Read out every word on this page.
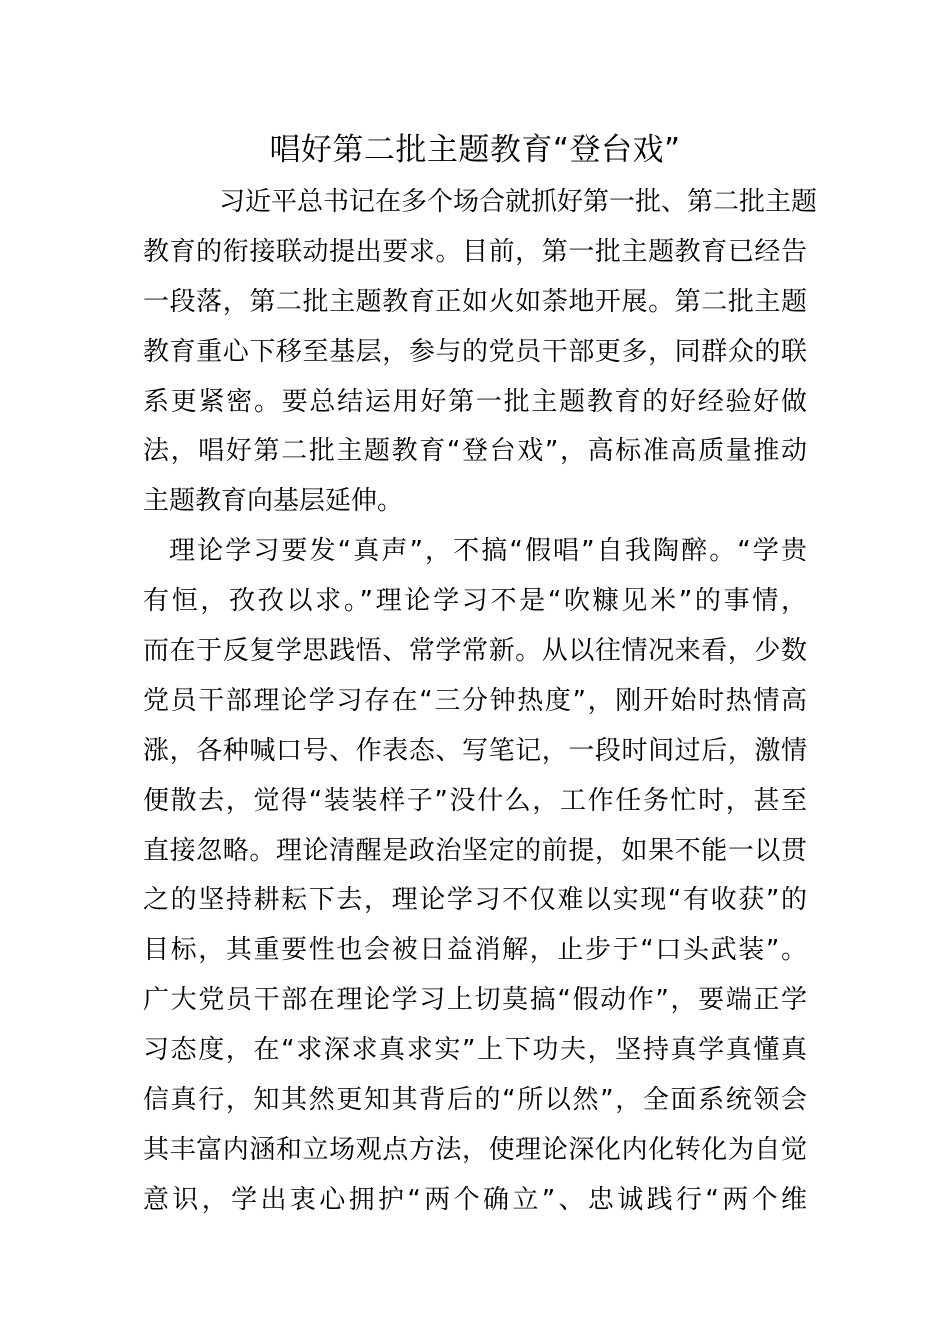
唱好第二批主题教育“登台戏”
习近平总书记在多个场合就抓好第一批、第二批主题
教育的衔接联动提出要求。目前，第一批主题教育已经告
一段落，第二批主题教育正如火如荼地开展。第二批主题
教育重心下移至基层，参与的党员干部更多，同群众的联
系更紧密。要总结运用好第一批主题教育的好经验好做
法，唱好第二批主题教育“登台戏”，高标准高质量推动
主题教育向基层延伸。
理论学习要发“真声”，不搞“假唱”自我陶醉。“学贵
有恒，孜孜以求。”理论学习不是“吹糠见米”的事情，
而在于反复学思践悟、常学常新。从以往情况来看，少数
党员干部理论学习存在“三分钟热度”，刚开始时热情高
涨，各种喊口号、作表态、写笔记，一段时间过后，激情
便散去，觉得“装装样子”没什么，工作任务忙时，甚至
直接忽略。理论清醒是政治坚定的前提，如果不能一以贯
之的坚持耕耘下去，理论学习不仅难以实现“有收获”的
目标，其重要性也会被日益消解，止步于“口头武装”。
广大党员干部在理论学习上切莫搞“假动作”，要端正学
习态度，在“求深求真求实”上下功夫，坚持真学真懂真
信真行，知其然更知其背后的“所以然”，全面系统领会
其丰富内涵和立场观点方法，使理论深化内化转化为自觉
意识，学出衷心拥护“两个确立”、忠诚践行“两个维
